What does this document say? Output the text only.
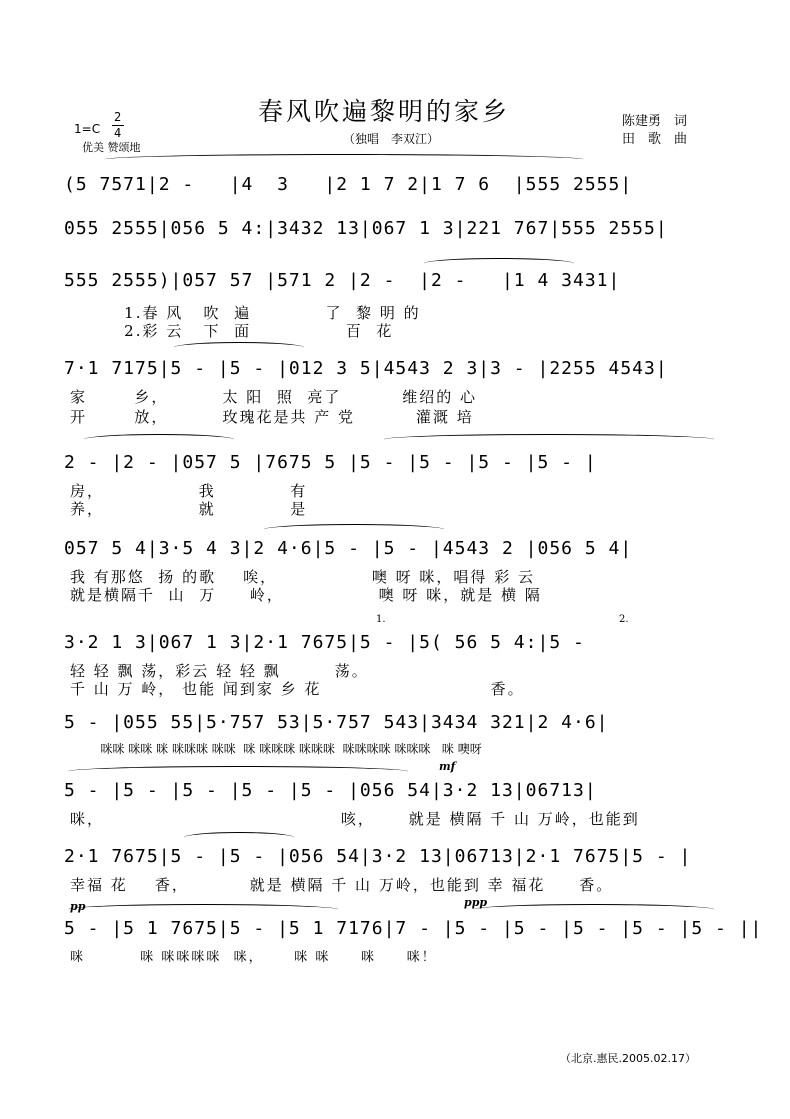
春风吹遍黎明的家乡
（独唱　李双江）
1=C
2
4
优美 赞颂地
陈建勇　词
田　歌　曲
(5 7571|2 -   |4  3   |2 1 7 2|1 7 6  |555 2555|
055 2555|056 5 4:|3432 13|067 1 3|221 767|555 2555|
555 2555)|057 57 |571 2 |2 -  |2 -   |1 4 3431|
1.春 风   吹  遍           了  黎 明 的
2.彩 云   下  面              百  花
7·1 7175|5 - |5 - |012 3 5|4543 2 3|3 - |2255 4543|
家       乡，        太 阳  照  亮了         维绍的 心
开       放，        玫瑰花是共 产 党         灌溉 培
2 - |2 - |057 5 |7675 5 |5 - |5 - |5 - |5 - |
房，              我           有
养，              就           是
057 5 4|3·5 4 3|2 4·6|5 - |5 - |4543 2 |056 5 4|
我 有那悠  扬 的歌    唉，              噢 呀 咪，唱得 彩 云
就是横隔千  山  万     岭，              噢 呀 咪，就是 横 隔
1.	2.
3·2 1 3|067 1 3|2·1 7675|5 - |5( 56 5 4:|5 -
轻 轻 飘 荡，彩云 轻 轻 飘        荡。
千 山 万 岭， 也能 闻到家 乡 花                         香。
5 - |055 55|5·757 53|5·757 543|3434 321|2 4·6|
咪咪 咪咪 咪 咪咪咪 咪咪  咪 咪咪咪 咪咪咪  咪咪咪咪 咪咪咪   咪 噢呀
mf
5 - |5 - |5 - |5 - |5 - |056 54|3·2 13|06713|
咪，                                   咳，     就是 横隔 千 山 万岭，也能到
2·1 7675|5 - |5 - |056 54|3·2 13|06713|2·1 7675|5 - |
幸福 花    香，         就是 横隔 千 山 万岭，也能到 幸 福花     香。
pp	ppp
5 - |5 1 7675|5 - |5 1 7176|7 - |5 - |5 - |5 - |5 - |5 - ||
咪         咪 咪咪咪咪  咪，     咪 咪     咪     咪！
（北京.惠民.2005.02.17）
